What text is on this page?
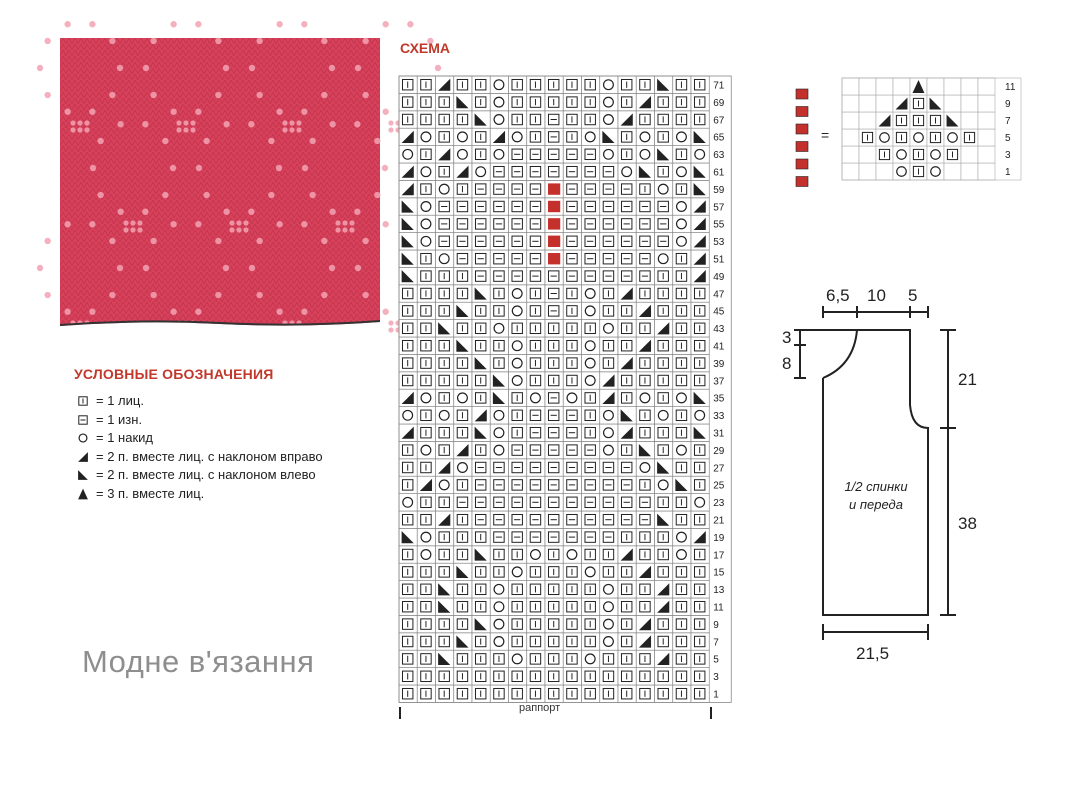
УСЛОВНЫЕ ОБОЗНАЧЕНИЯ
= 1 лиц.
= 1 изн.
= 1 накид
= 2 п. вместе лиц. с наклоном вправо
= 2 п. вместе лиц. с наклоном влево
= 3 п. вместе лиц.
Модне в'язання
СХЕМА
1
3
5
7
9
11
13
15
17
19
21
23
25
27
29
31
33
35
37
39
41
43
45
47
49
51
53
55
57
59
61
63
65
67
69
71
раппорт
=
1
3
5
7
9
11
6,5 10 5
3
8
21
38
21,5
1/2 спинки
и переда
